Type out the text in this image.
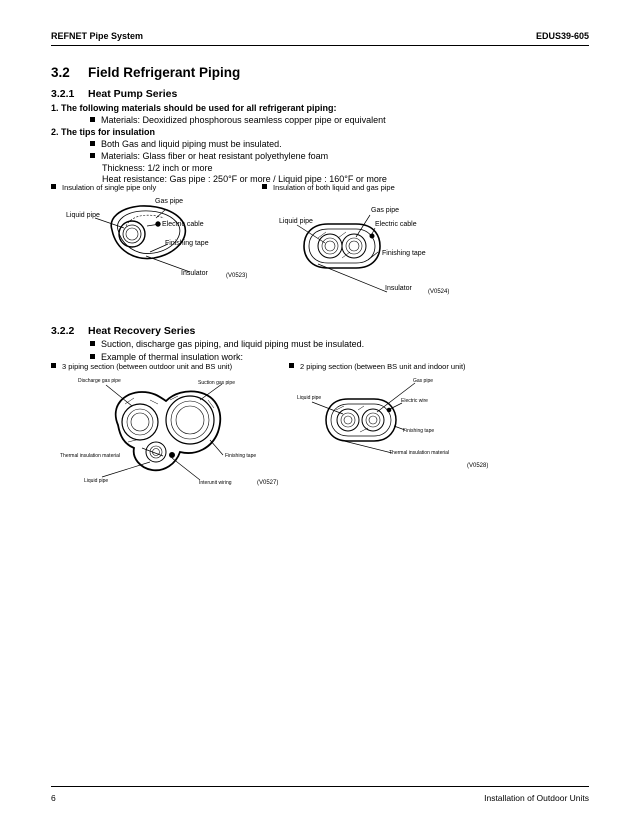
REFNET Pipe System	EDUS39-605
3.2 Field Refrigerant Piping
3.2.1 Heat Pump Series
1. The following materials should be used for all refrigerant piping:
Materials: Deoxidized phosphorous seamless copper pipe or equivalent
2. The tips for insulation
Both Gas and liquid piping must be insulated.
Materials: Glass fiber or heat resistant polyethylene foam
Thickness: 1/2 inch or more
Heat resistance: Gas pipe : 250°F or more / Liquid pipe : 160°F or more
Insulation of single pipe only	Insulation of both liquid and gas pipe
Gas pipe
Liquid pipe
Electric cable
Finishing tape
Insulator	(V0523)
Gas pipe
Liquid pipe	Electric cable
Finishing tape
Insulator	(V0524)
3.2.2 Heat Recovery Series
Suction, discharge gas piping, and liquid piping must be insulated.
Example of thermal insulation work:
3 piping section (between outdoor unit and BS unit)	2 piping section (between BS unit and indoor unit)
Discharge gas pipe	Suction gas pipe
Thermal insulation material	Finishing tape
Liquid pipe	Interunit wiring	(V0527)
Gas pipe
Liquid pipe	Electric wire
Finishing tape
Thermal insulation material
(V0528)
6	Installation of Outdoor Units
